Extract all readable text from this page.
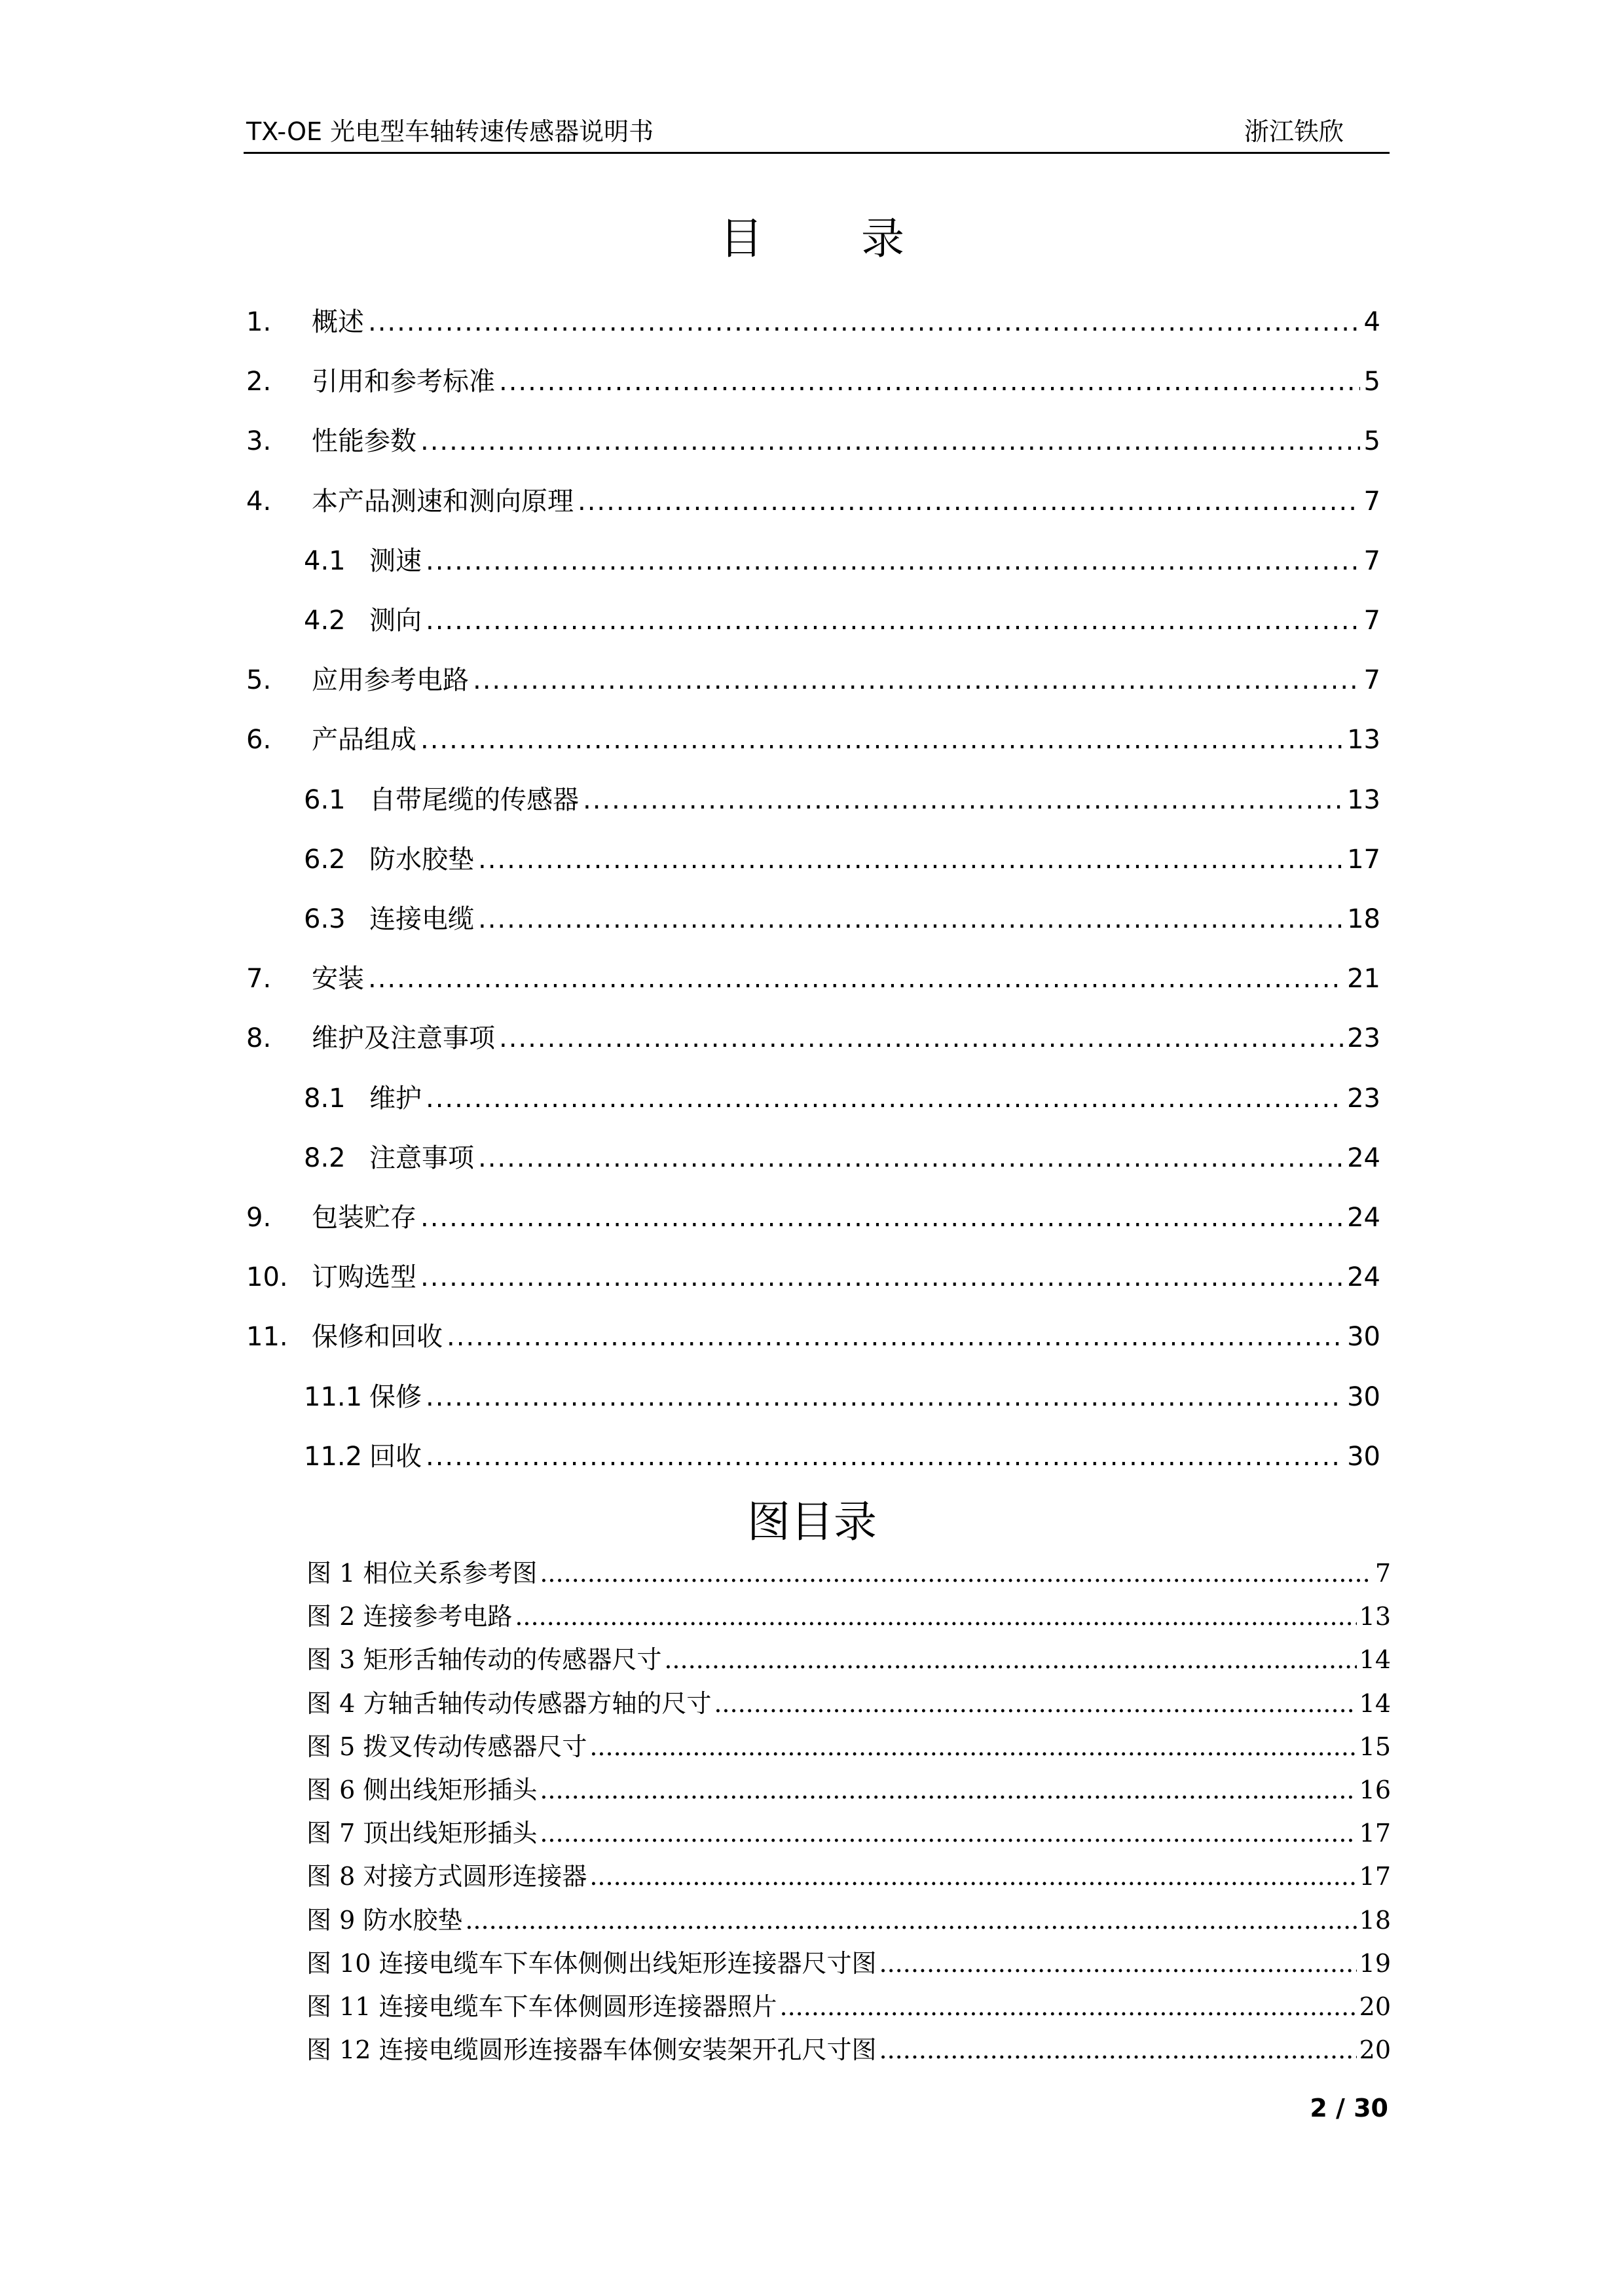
TX-OE 光电型车轴转速传感器说明书	浙江铁欣
目录
1.	概述 .....	4
2.	引用和参考标准 .....	5
3.	性能参数 .....	5
4.	本产品测速和测向原理 .....	7
4.1 测速 .....	7
4.2 测向 .....	7
5.	应用参考电路 .....	7
6.	产品组成 .....	13
6.1 自带尾缆的传感器 .....	13
6.2 防水胶垫 .....	17
6.3 连接电缆 .....	18
7.	安装 .....	21
8.	维护及注意事项 .....	23
8.1 维护 .....	23
8.2 注意事项 .....	24
9.	包装贮存 .....	24
10. 订购选型 .....	24
11. 保修和回收 .....	30
11.1 保修 .....	30
11.2 回收 .....	30
图目录
图 1 相位关系参考图 .....	7
图 2 连接参考电路 .....	13
图 3 矩形舌轴传动的传感器尺寸 .....	14
图 4 方轴舌轴传动传感器方轴的尺寸 .....	14
图 5 拨叉传动传感器尺寸 .....	15
图 6 侧出线矩形插头 .....	16
图 7 顶出线矩形插头 .....	17
图 8 对接方式圆形连接器 .....	17
图 9 防水胶垫 .....	18
图 10 连接电缆车下车体侧侧出线矩形连接器尺寸图 .....	19
图 11 连接电缆车下车体侧圆形连接器照片 .....	20
图 12 连接电缆圆形连接器车体侧安装架开孔尺寸图 .....	20
2 / 30
